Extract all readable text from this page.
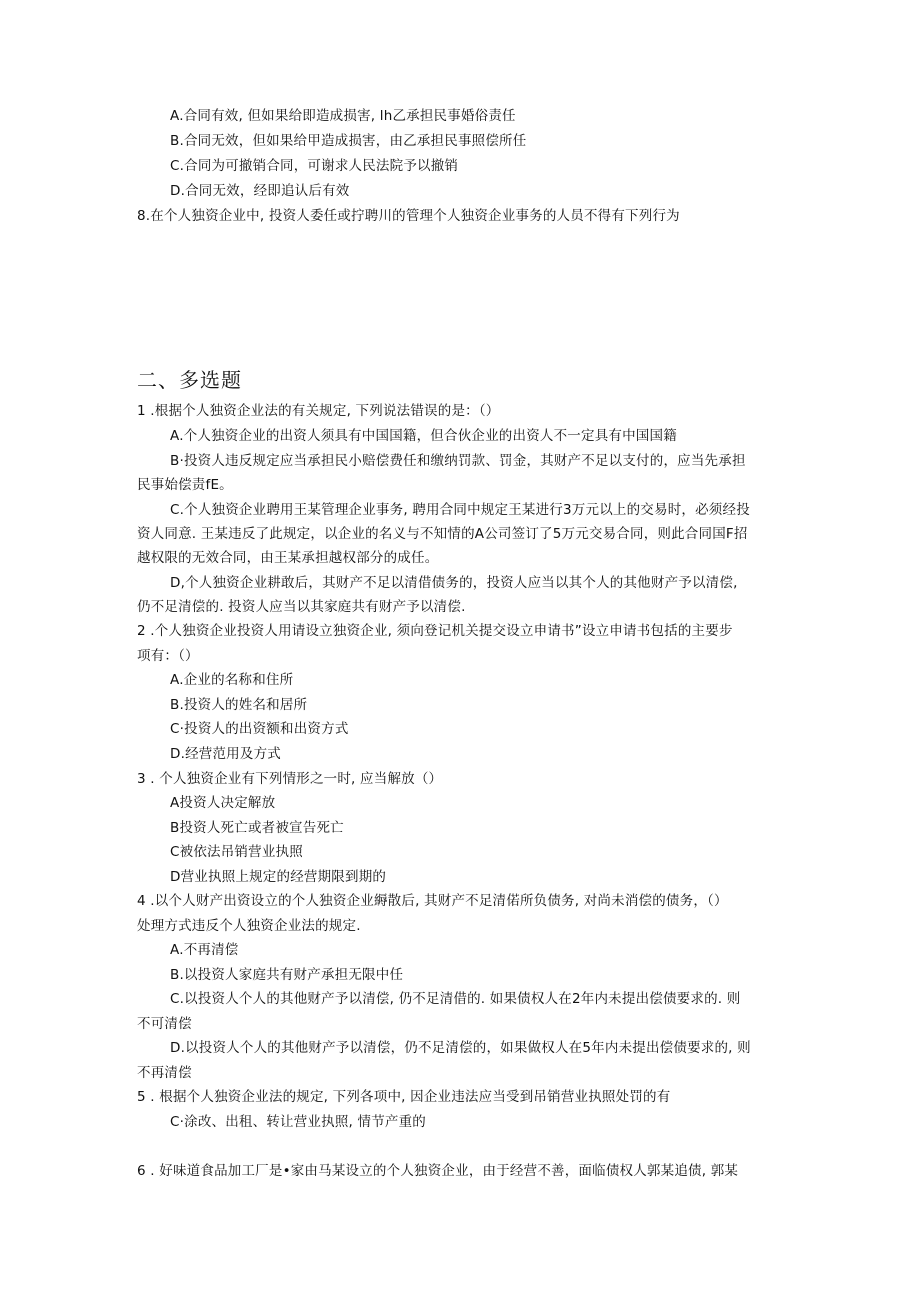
A.合同有效, 但如果给即造成损害, lh乙承担民事婚俗责任
B.合同无效，但如果给甲造成损害，由乙承担民事照偿所任
C.合同为可撤销合同，可谢求人民法院予以撤销
D.合同无效，经即追认后有效
8.在个人独资企业中, 投资人委任或拧聘川的管理个人独资企业事务的人员不得有下列行为
二、多选题
1 .根据个人独资企业法的有关规定, 下列说法错误的是：（）
A.个人独资企业的出资人须具有中国国籍，但合伙企业的出资人不一定具有中国国籍
B·投资人违反规定应当承担民小赔偿费任和缴纳罚款、罚金，其财产不足以支付的，应当先承担
民事始偿责fE。
C.个人独资企业聘用王某管理企业事务, 聘用合同中规定王某进行3万元以上的交易时，必须经投
资人同意. 王某违反了此规定，以企业的名义与不知情的A公司签订了5万元交易合同，则此合同国F招
越权限的无效合同，由王某承担越权部分的成任。
D,个人独资企业耕敢后，其财产不足以清借债务的，投资人应当以其个人的其他财产予以清偿,
仍不足清偿的. 投资人应当以其家庭共有财产予以清偿.
2 .个人独资企业投资人用请设立独资企业, 须向登记机关提交设立申请书”设立申请书包括的主要步
项有：（）
A.企业的名称和住所
B.投资人的姓名和居所
C·投资人的出资额和出资方式
D.经营范用及方式
3 . 个人独资企业有下列情形之一时, 应当解放（）
A投资人决定解放
B投资人死亡或者被宣告死亡
C被依法吊销营业执照
D营业执照上规定的经营期限到期的
4 .以个人财产出资设立的个人独资企业縟散后, 其财产不足清偌所负债务, 对尚未消偿的债务，（）
处理方式违反个人独资企业法的规定.
A.不再清偿
B.以投资人家庭共有财产承担无限中任
C.以投资人个人的其他财产予以清偿, 仍不足清借的. 如果债权人在2年内未提出偿债要求的. 则
不可清偿
D.以投资人个人的其他财产予以清偿，仍不足清偿的，如果做权人在5年内未提出偿债要求的, 则
不再清偿
5 . 根据个人独资企业法的规定, 下列各项中, 因企业违法应当受到吊销营业执照处罚的有
C·涂改、出租、转让营业执照, 情节产重的
6 . 好味道食品加工厂是•家由马某设立的个人独资企业，由于经营不善，面临债权人郭某追债, 郭某
